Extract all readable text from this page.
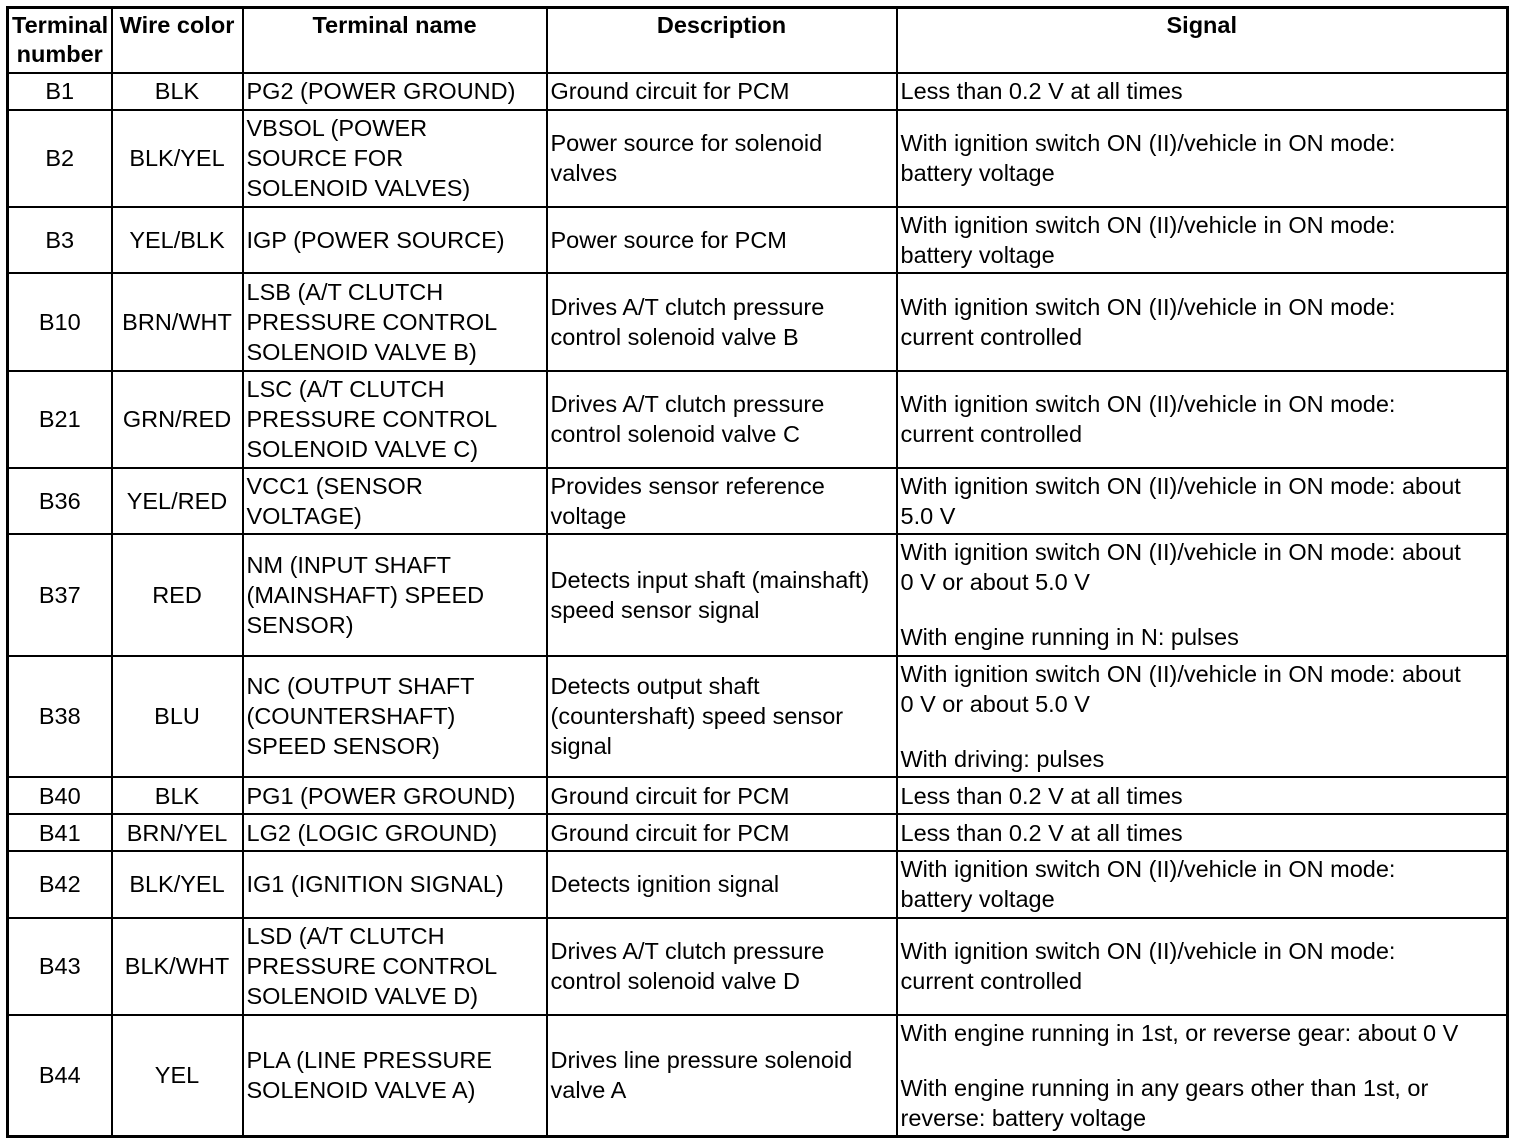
Terminal
number	Wire color	Terminal name	Description	Signal
B1	BLK	PG2 (POWER GROUND)	Ground circuit for PCM	Less than 0.2 V at all times

B2	BLK/YEL	VBSOL (POWER
SOURCE FOR
SOLENOID VALVES)	Power source for solenoid
valves	With ignition switch ON (II)/vehicle in ON mode:
battery voltage

B3	YEL/BLK	IGP (POWER SOURCE)	Power source for PCM	With ignition switch ON (II)/vehicle in ON mode:
battery voltage

B10	BRN/WHT	LSB (A/T CLUTCH
PRESSURE CONTROL
SOLENOID VALVE B)	Drives A/T clutch pressure
control solenoid valve B	With ignition switch ON (II)/vehicle in ON mode:
current controlled

B21	GRN/RED	LSC (A/T CLUTCH
PRESSURE CONTROL
SOLENOID VALVE C)	Drives A/T clutch pressure
control solenoid valve C	With ignition switch ON (II)/vehicle in ON mode:
current controlled

B36	YEL/RED	VCC1 (SENSOR
VOLTAGE)	Provides sensor reference
voltage	With ignition switch ON (II)/vehicle in ON mode: about
5.0 V

B37	RED	NM (INPUT SHAFT
(MAINSHAFT) SPEED
SENSOR)	Detects input shaft (mainshaft)
speed sensor signal	With ignition switch ON (II)/vehicle in ON mode: about
0 V or about 5.0 V
With engine running in N: pulses

B38	BLU	NC (OUTPUT SHAFT
(COUNTERSHAFT)
SPEED SENSOR)	Detects output shaft
(countershaft) speed sensor
signal	With ignition switch ON (II)/vehicle in ON mode: about
0 V or about 5.0 V
With driving: pulses

B40	BLK	PG1 (POWER GROUND)	Ground circuit for PCM	Less than 0.2 V at all times

B41	BRN/YEL	LG2 (LOGIC GROUND)	Ground circuit for PCM	Less than 0.2 V at all times

B42	BLK/YEL	IG1 (IGNITION SIGNAL)	Detects ignition signal	With ignition switch ON (II)/vehicle in ON mode:
battery voltage

B43	BLK/WHT	LSD (A/T CLUTCH
PRESSURE CONTROL
SOLENOID VALVE D)	Drives A/T clutch pressure
control solenoid valve D	With ignition switch ON (II)/vehicle in ON mode:
current controlled

B44	YEL	PLA (LINE PRESSURE
SOLENOID VALVE A)	Drives line pressure solenoid
valve A	With engine running in 1st, or reverse gear: about 0 V
With engine running in any gears other than 1st, or
reverse: battery voltage
